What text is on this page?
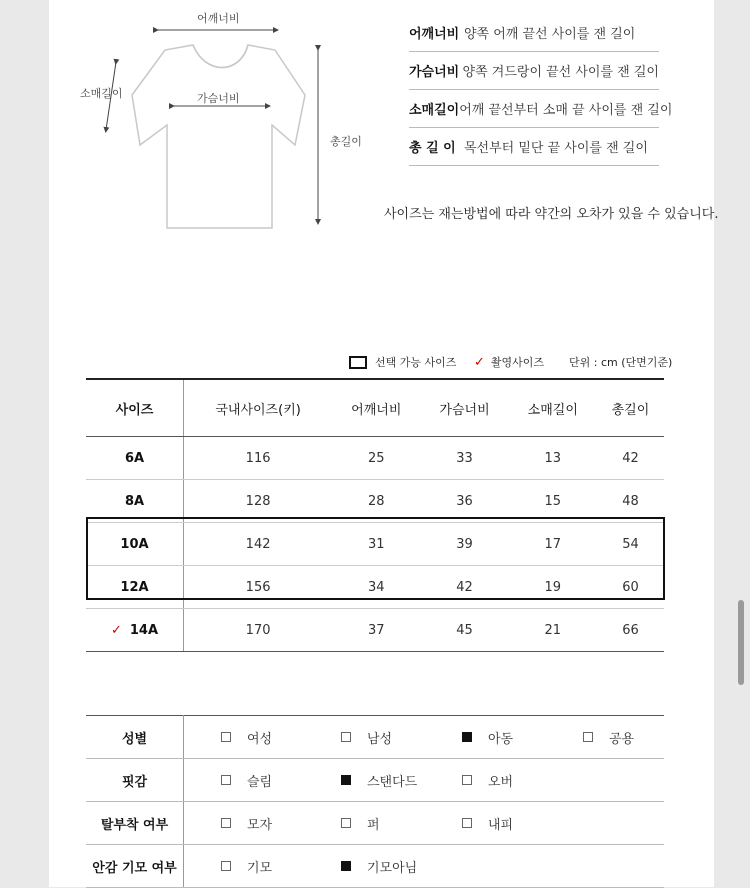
어깨너비
가슴너비
소매길이
총길이
어깨너비 양쪽 어깨 끝선 사이를 잰 길이
가슴너비 양쪽 겨드랑이 끝선 사이를 잰 길이
소매길이 어깨 끝선부터 소매 끝 사이를 잰 길이
총 길 이 목선부터 밑단 끝 사이를 잰 길이
사이즈는 재는방법에 따라 약간의 오차가 있을 수 있습니다.
선택 가능 사이즈 ✓ 촬영사이즈 단위 : cm (단면기준)
사이즈	국내사이즈(키)	어깨너비	가슴너비	소매길이	총길이
6A	116	25	33	13	42
8A	128	28	36	15	48
10A	142	31	39	17	54
12A	156	34	42	19	60
✓ 14A	170	37	45	21	66
성별	여성 남성 아동 공용

핏감	슬림 스탠다드 오버

탈부착 여부	모자 퍼 내피

안감 기모 여부	기모 기모아님
